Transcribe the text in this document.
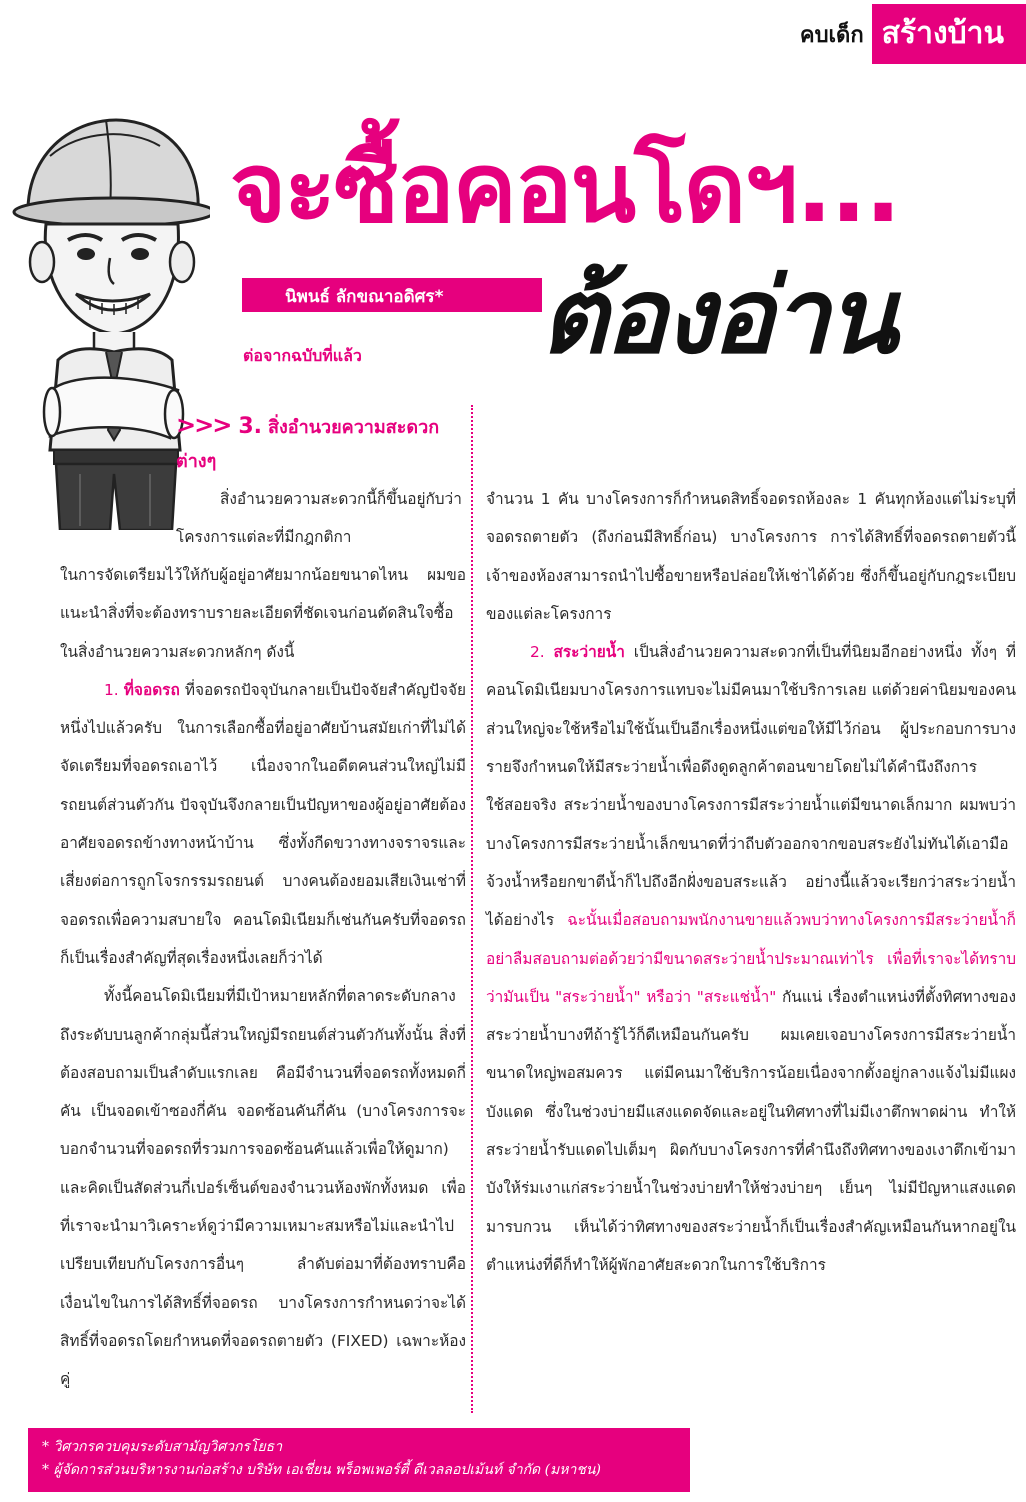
คบเด็ก สร้างบ้าน
จะซื้อคอนโดฯ...
นิพนธ์ ลักขณาอดิศร* ต้องอ่าน

ต่อจากฉบับที่แล้ว

>>> 3. สิ่งอำนวยความสะดวกต่างๆ

สิ่งอำนวยความสะดวกนี้ก็ขึ้นอยู่กับว่าโครงการแต่ละที่มีกฎกติกา

ในการจัดเตรียมไว้ให้กับผู้อยู่อาศัยมากน้อยขนาดไหน ผมขอแนะนำสิ่งที่จะต้องทราบรายละเอียดที่ชัดเจนก่อนตัดสินใจซื้อในสิ่งอำนวยความสะดวกหลักๆ ดังนี้

1. ที่จอดรถ ที่จอดรถปัจจุบันกลายเป็นปัจจัยสำคัญปัจจัยหนึ่งไปแล้วครับ ในการเลือกซื้อที่อยู่อาศัยบ้านสมัยเก่าที่ไม่ได้จัดเตรียมที่จอดรถเอาไว้ เนื่องจากในอดีตคนส่วนใหญ่ไม่มีรถยนต์ส่วนตัวกัน ปัจจุบันจึงกลายเป็นปัญหาของผู้อยู่อาศัยต้องอาศัยจอดรถข้างทางหน้าบ้าน ซึ่งทั้งกีดขวางทางจราจรและเสี่ยงต่อการถูกโจรกรรมรถยนต์ บางคนต้องยอมเสียเงินเช่าที่จอดรถเพื่อความสบายใจ คอนโดมิเนียมก็เช่นกันครับที่จอดรถก็เป็นเรื่องสำคัญที่สุดเรื่องหนึ่งเลยก็ว่าได้

ทั้งนี้คอนโดมิเนียมที่มีเป้าหมายหลักที่ตลาดระดับกลางถึงระดับบนลูกค้ากลุ่มนี้ส่วนใหญ่มีรถยนต์ส่วนตัวกันทั้งนั้น สิ่งที่ต้องสอบถามเป็นลำดับแรกเลย คือมีจำนวนที่จอดรถทั้งหมดกี่คัน เป็นจอดเข้าซองกี่คัน จอดซ้อนคันกี่คัน (บางโครงการจะบอกจำนวนที่จอดรถที่รวมการจอดซ้อนคันแล้วเพื่อให้ดูมาก) และคิดเป็นสัดส่วนกี่เปอร์เซ็นต์ของจำนวนห้องพักทั้งหมด เพื่อที่เราจะนำมาวิเคราะห์ดูว่ามีความเหมาะสมหรือไม่และนำไปเปรียบเทียบกับโครงการอื่นๆ ลำดับต่อมาที่ต้องทราบคือเงื่อนไขในการได้สิทธิ์ที่จอดรถ บางโครงการกำหนดว่าจะได้สิทธิ์ที่จอดรถโดยกำหนดที่จอดรถตายตัว (FIXED) เฉพาะห้องคู่

จำนวน 1 คัน บางโครงการก็กำหนดสิทธิ์จอดรถห้องละ 1 คันทุกห้องแต่ไม่ระบุที่จอดรถตายตัว (ถึงก่อนมีสิทธิ์ก่อน) บางโครงการ การได้สิทธิ์ที่จอดรถตายตัวนี้เจ้าของห้องสามารถนำไปซื้อขายหรือปล่อยให้เช่าได้ด้วย ซึ่งก็ขึ้นอยู่กับกฎระเบียบของแต่ละโครงการ

2. สระว่ายน้ำ เป็นสิ่งอำนวยความสะดวกที่เป็นที่นิยมอีกอย่างหนึ่ง ทั้งๆ ที่คอนโดมิเนียมบางโครงการแทบจะไม่มีคนมาใช้บริการเลย แต่ด้วยค่านิยมของคนส่วนใหญ่จะใช้หรือไม่ใช้นั้นเป็นอีกเรื่องหนึ่งแต่ขอให้มีไว้ก่อน ผู้ประกอบการบางรายจึงกำหนดให้มีสระว่ายน้ำเพื่อดึงดูดลูกค้าตอนขายโดยไม่ได้คำนึงถึงการใช้สอยจริง สระว่ายน้ำของบางโครงการมีสระว่ายน้ำแต่มีขนาดเล็กมาก ผมพบว่าบางโครงการมีสระว่ายน้ำเล็กขนาดที่ว่าถีบตัวออกจากขอบสระยังไม่ทันได้เอามือจ้วงน้ำหรือยกขาตีน้ำก็ไปถึงอีกฝั่งขอบสระแล้ว อย่างนี้แล้วจะเรียกว่าสระว่ายน้ำได้อย่างไร ฉะนั้นเมื่อสอบถามพนักงานขายแล้วพบว่าทางโครงการมีสระว่ายน้ำก็อย่าลืมสอบถามต่อด้วยว่ามีขนาดสระว่ายน้ำประมาณเท่าไร เพื่อที่เราจะได้ทราบว่ามันเป็น "สระว่ายน้ำ" หรือว่า "สระแช่น้ำ" กันแน่ เรื่องตำแหน่งที่ตั้งทิศทางของสระว่ายน้ำบางทีถ้ารู้ไว้ก็ดีเหมือนกันครับ ผมเคยเจอบางโครงการมีสระว่ายน้ำขนาดใหญ่พอสมควร แต่มีคนมาใช้บริการน้อยเนื่องจากตั้งอยู่กลางแจ้งไม่มีแผงบังแดด ซึ่งในช่วงบ่ายมีแสงแดดจัดและอยู่ในทิศทางที่ไม่มีเงาตึกพาดผ่าน ทำให้สระว่ายน้ำรับแดดไปเต็มๆ ผิดกับบางโครงการที่คำนึงถึงทิศทางของเงาตึกเข้ามาบังให้ร่มเงาแก่สระว่ายน้ำในช่วงบ่ายทำให้ช่วงบ่ายๆ เย็นๆ ไม่มีปัญหาแสงแดดมารบกวน เห็นได้ว่าทิศทางของสระว่ายน้ำก็เป็นเรื่องสำคัญเหมือนกันหากอยู่ในตำแหน่งที่ดีก็ทำให้ผู้พักอาศัยสะดวกในการใช้บริการ

* วิศวกรควบคุมระดับสามัญวิศวกรโยธา
* ผู้จัดการส่วนบริหารงานก่อสร้าง บริษัท เอเชี่ยน พร็อพเพอร์ตี้ ดีเวลลอปเม้นท์ จำกัด (มหาชน)
